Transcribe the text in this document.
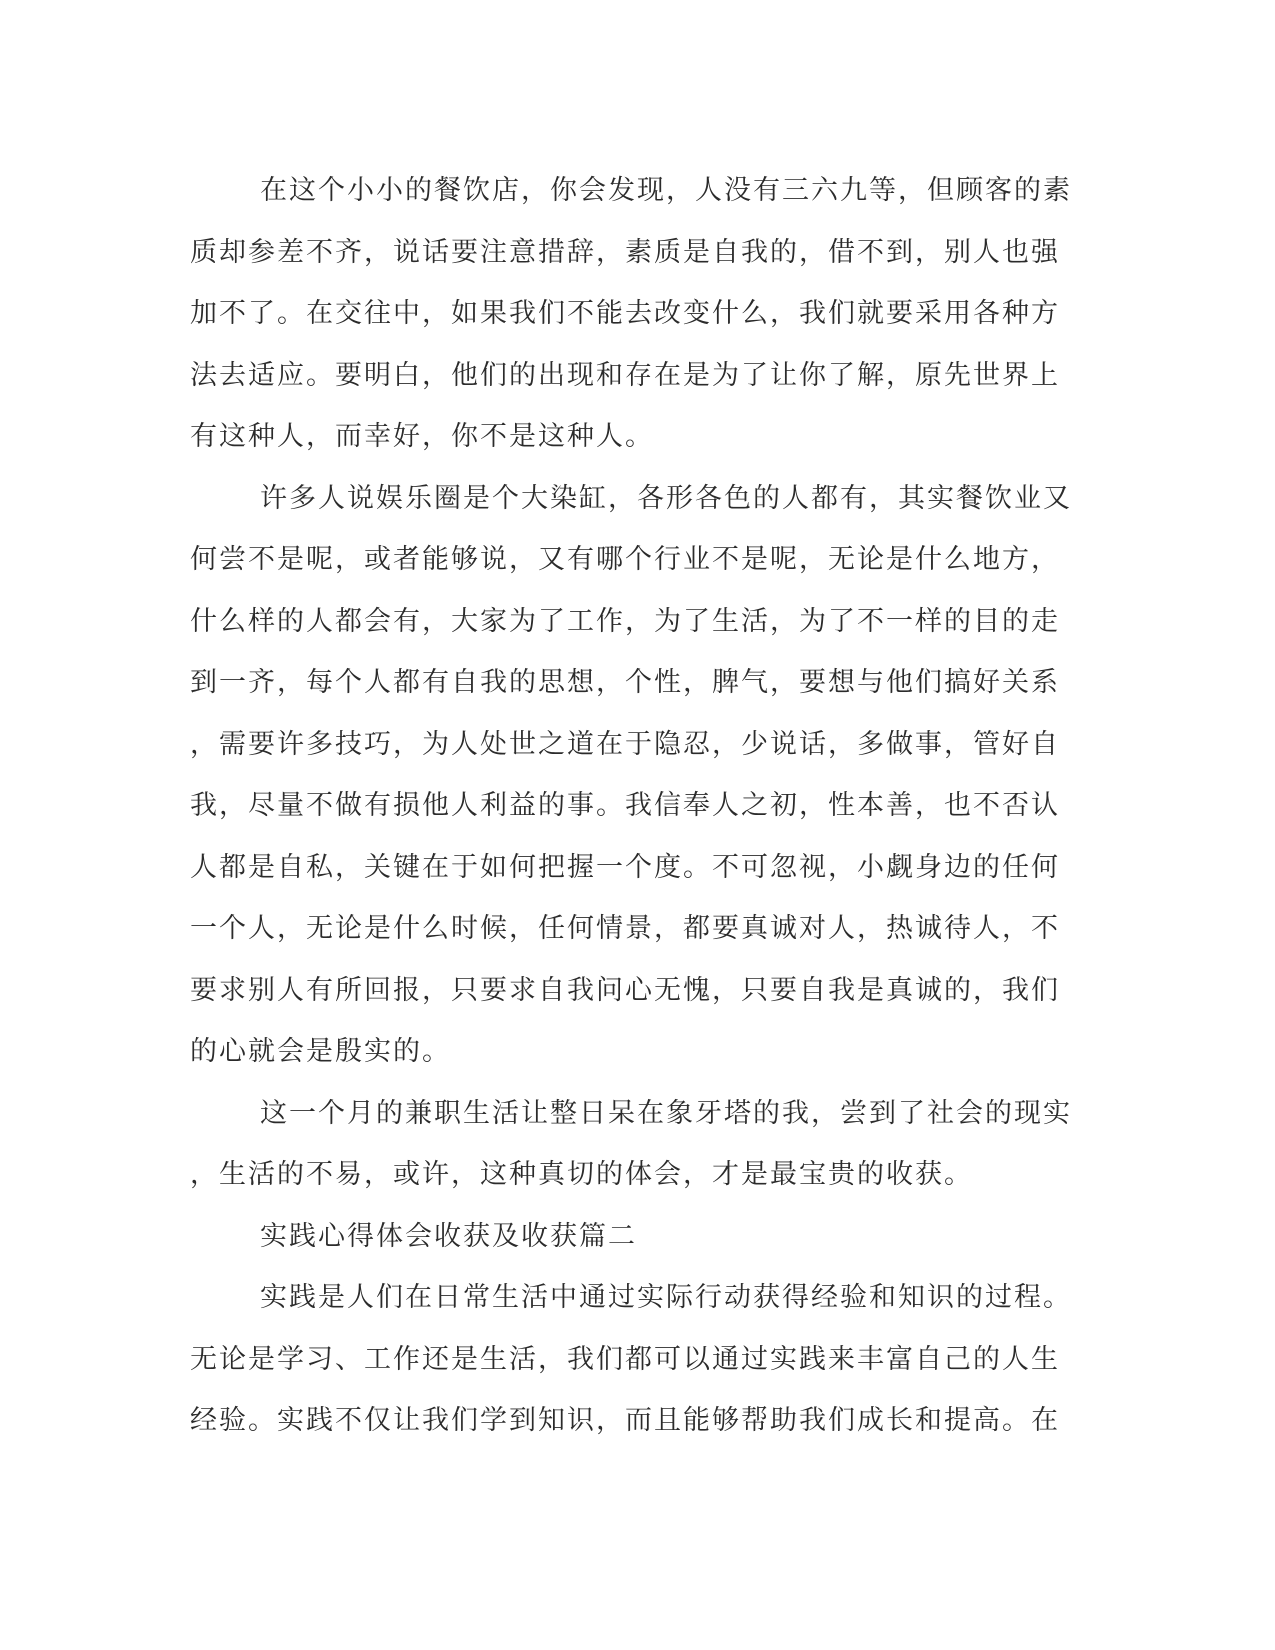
在这个小小的餐饮店，你会发现，人没有三六九等，但顾客的素
质却参差不齐，说话要注意措辞，素质是自我的，借不到，别人也强
加不了。在交往中，如果我们不能去改变什么，我们就要采用各种方
法去适应。要明白，他们的出现和存在是为了让你了解，原先世界上
有这种人，而幸好，你不是这种人。
许多人说娱乐圈是个大染缸，各形各色的人都有，其实餐饮业又
何尝不是呢，或者能够说，又有哪个行业不是呢，无论是什么地方，
什么样的人都会有，大家为了工作，为了生活，为了不一样的目的走
到一齐，每个人都有自我的思想，个性，脾气，要想与他们搞好关系
，需要许多技巧，为人处世之道在于隐忍，少说话，多做事，管好自
我，尽量不做有损他人利益的事。我信奉人之初，性本善，也不否认
人都是自私，关键在于如何把握一个度。不可忽视，小觑身边的任何
一个人，无论是什么时候，任何情景，都要真诚对人，热诚待人，不
要求别人有所回报，只要求自我问心无愧，只要自我是真诚的，我们
的心就会是殷实的。
这一个月的兼职生活让整日呆在象牙塔的我，尝到了社会的现实
，生活的不易，或许，这种真切的体会，才是最宝贵的收获。
实践心得体会收获及收获篇二
实践是人们在日常生活中通过实际行动获得经验和知识的过程。
无论是学习、工作还是生活，我们都可以通过实践来丰富自己的人生
经验。实践不仅让我们学到知识，而且能够帮助我们成长和提高。在
